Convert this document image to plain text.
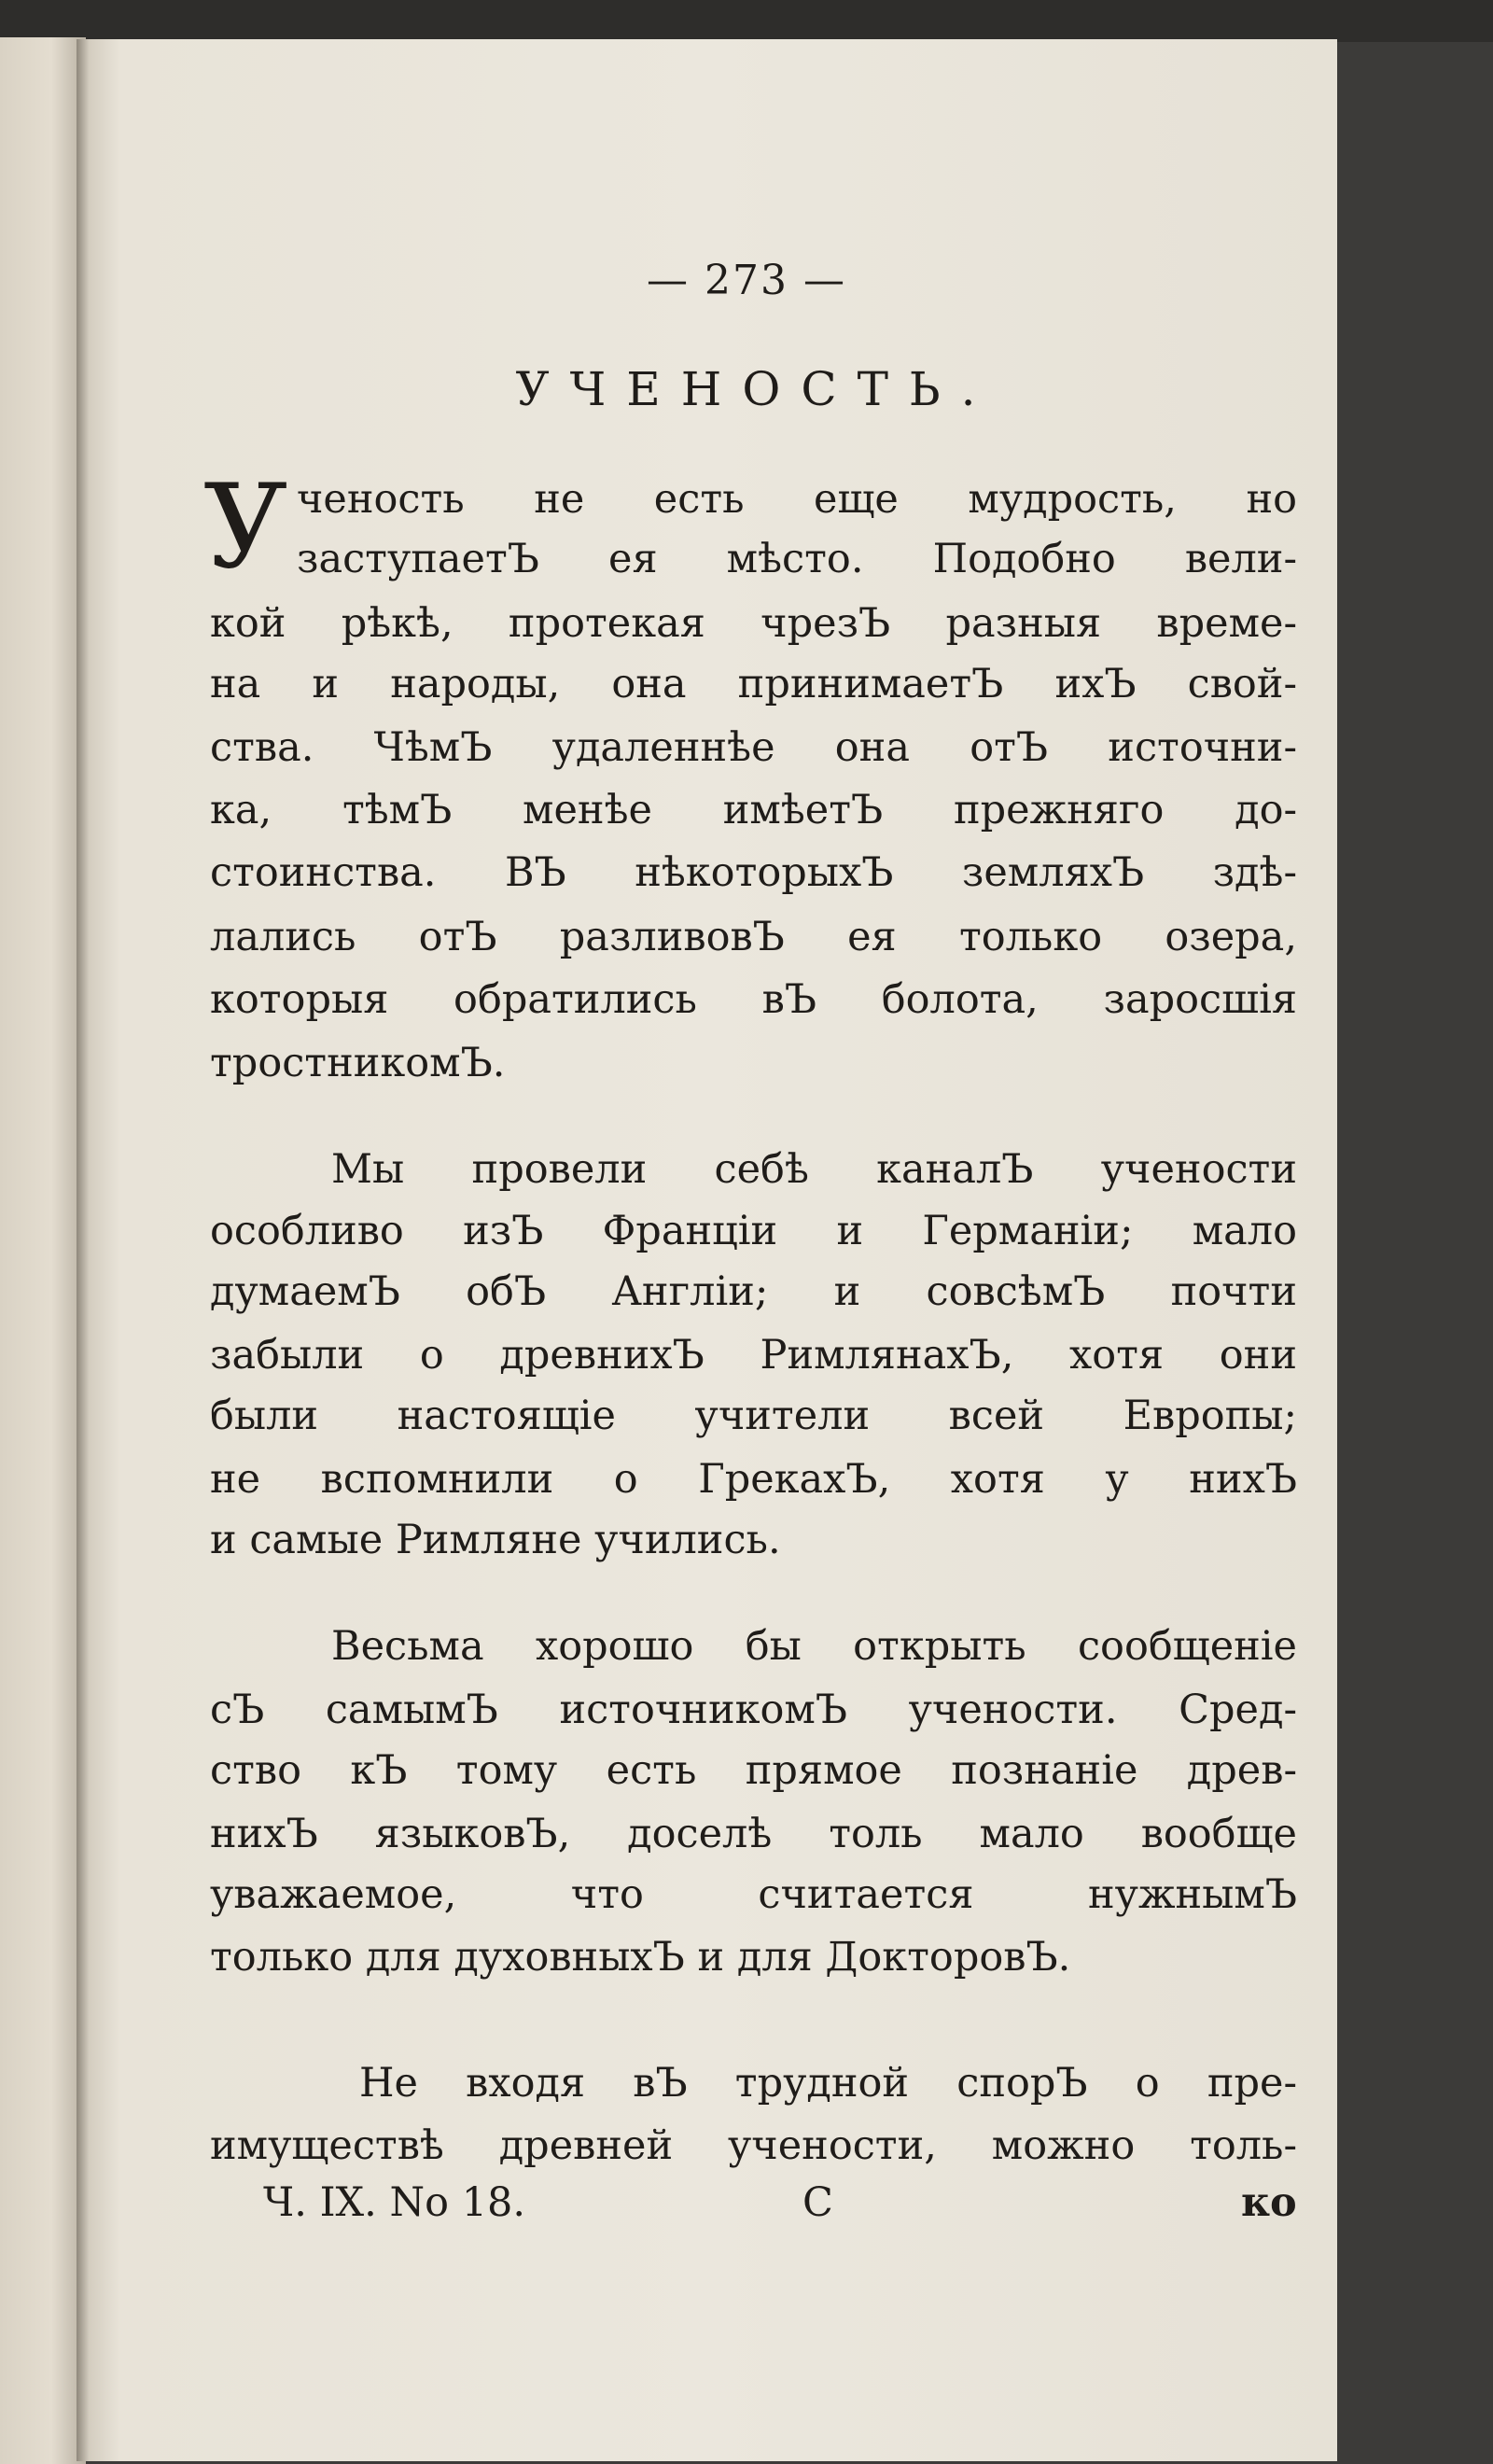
— 273 —
УЧЕНОСТЬ.
У ченость не есть еще мудрость, но
заступаетЪ ея мѣсто. Подобно вели-
кой рѣкѣ, протекая чрезЪ разныя време-
на и народы, она принимаетЪ ихЪ свой-
ства. ЧѣмЪ удаленнѣе она отЪ источни-
ка, тѣмЪ менѣе имѣетЪ прежняго до-
стоинства. ВЪ нѣкоторыхЪ земляхЪ здѣ-
лались отЪ разливовЪ ея только озера,
которыя обратились вЪ болота, заросшія
тростникомЪ.
Мы провели себѣ каналЪ учености
особливо изЪ Франціи и Германіи; мало
думаемЪ обЪ Англіи; и совсѣмЪ почти
забыли о древнихЪ РимлянахЪ, хотя они
были настоящіе учители всей Европы;
не вспомнили о ГрекахЪ, хотя у нихЪ
и самые Римляне учились.
Весьма хорошо бы открыть сообщеніе
сЪ самымЪ источникомЪ учености. Сред-
ство кЪ тому есть прямое познаніе древ-
нихЪ языковЪ, доселѣ толь мало вообще
уважаемое, что считается нужнымЪ
только для духовныхЪ и для ДокторовЪ.
Не входя вЪ трудной спорЪ о пре-
имуществѣ древней учености, можно толь-
Ч. IX. No 18.	С	ко
